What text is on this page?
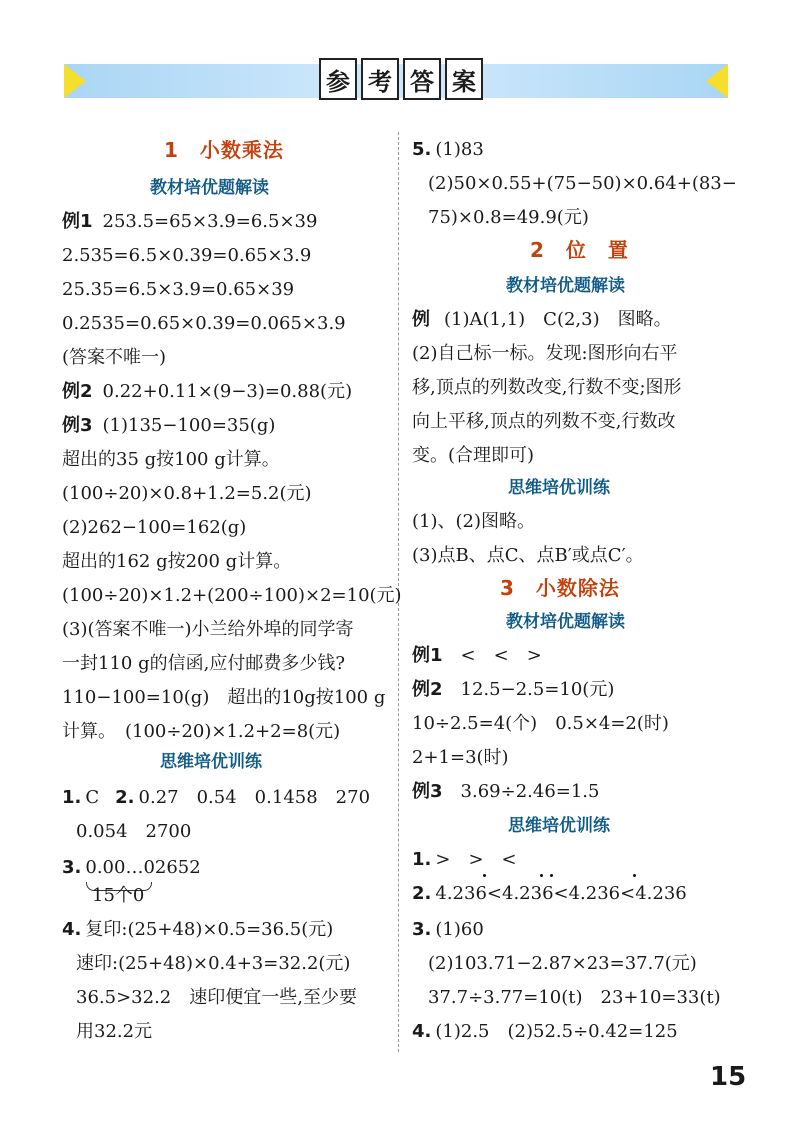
参 考 答 案
1　小数乘法
教材培优题解读
例1 253.5=65×3.9=6.5×39
2.535=6.5×0.39=0.65×3.9
25.35=6.5×3.9=0.65×39
0.2535=0.65×0.39=0.065×3.9
(答案不唯一)
例2 0.22+0.11×(9−3)=0.88(元)
例3 (1)135−100=35(g)
超出的35 g按100 g计算。
(100÷20)×0.8+1.2=5.2(元)
(2)262−100=162(g)
超出的162 g按200 g计算。
(100÷20)×1.2+(200÷100)×2=10(元)
(3)(答案不唯一)小兰给外埠的同学寄
一封110 g的信函,应付邮费多少钱?
110−100=10(g)　超出的10g按100 g
计算。　(100÷20)×1.2+2=8(元)
思维培优训练
1. C 2. 0.27　0.54　0.1458　270
0.054　2700
3. 0.00…02652
15个0
4. 复印:(25+48)×0.5=36.5(元)
速印:(25+48)×0.4+3=32.2(元)
36.5>32.2　速印便宜一些,至少要
用32.2元
5. (1)83
(2)50×0.55+(75−50)×0.64+(83−
75)×0.8=49.9(元)
2　位　置
教材培优题解读
例 (1)A(1,1)　C(2,3)　图略。
(2)自己标一标。发现:图形向右平
移,顶点的列数改变,行数不变;图形
向上平移,顶点的列数不变,行数改
变。(合理即可)
思维培优训练
(1)、(2)图略。
(3)点B、点C、点B′或点C′。
3　小数除法
教材培优题解读
例1 <　<　>
例2 12.5−2.5=10(元)
10÷2.5=4(个)　0.5×4=2(时)
2+1=3(时)
例3 3.69÷2.46=1.5
思维培优训练
1. >　>　<
2. 4.236<4.236<4.236<4.236
3. (1)60
(2)103.71−2.87×23=37.7(元)
37.7÷3.77=10(t)　23+10=33(t)
4. (1)2.5　(2)52.5÷0.42=125
15
